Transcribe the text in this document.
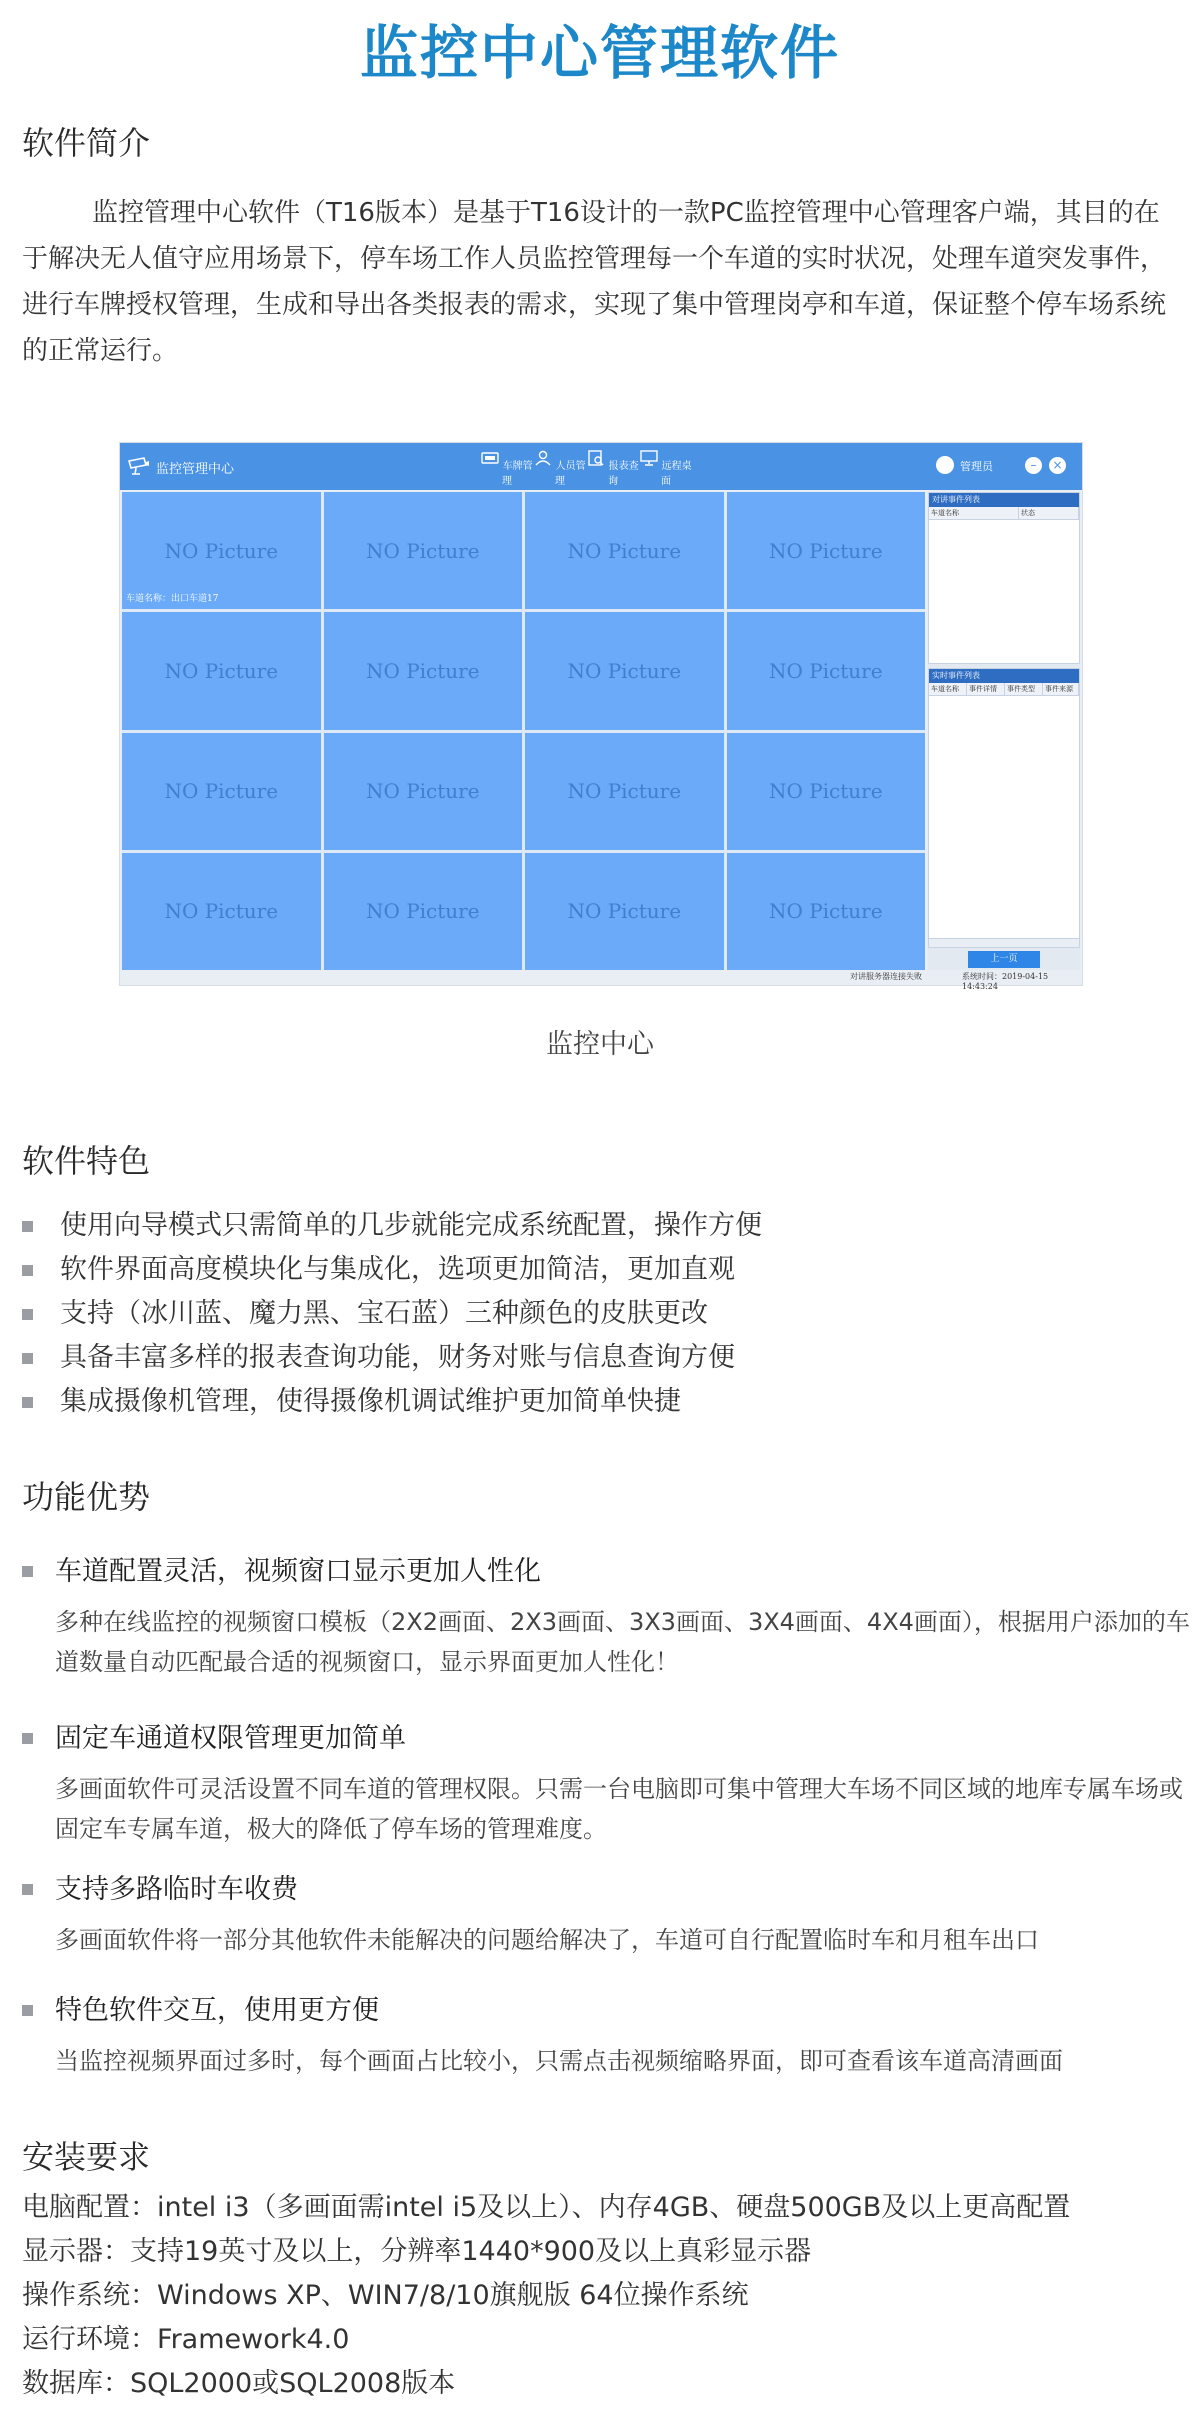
监控中心管理软件
软件简介
监控管理中心软件（T16版本）是基于T16设计的一款PC监控管理中心管理客户端，其目的在于解决无人值守应用场景下，停车场工作人员监控管理每一个车道的实时状况，处理车道突发事件，进行车牌授权管理，生成和导出各类报表的需求，实现了集中管理岗亭和车道，保证整个停车场系统的正常运行。
监控管理中心	车牌管理
人员管理
报表查询
远程桌面
管理员	–	×
NO Picture
车道名称：出口车道17
NO Picture	NO Picture	NO Picture
NO Picture	NO Picture	NO Picture	NO Picture
NO Picture	NO Picture	NO Picture	NO Picture
NO Picture	NO Picture	NO Picture	NO Picture
对讲事件列表
车道名称	状态
实时事件列表
车道名称	事件详情	事件类型	事件来源
上一页
对讲服务器连接失败	系统时间：2019-04-15 14:43:24
监控中心
软件特色
使用向导模式只需简单的几步就能完成系统配置，操作方便
软件界面高度模块化与集成化，选项更加简洁，更加直观
支持（冰川蓝、魔力黑、宝石蓝）三种颜色的皮肤更改
具备丰富多样的报表查询功能，财务对账与信息查询方便
集成摄像机管理，使得摄像机调试维护更加简单快捷
功能优势
车道配置灵活，视频窗口显示更加人性化
多种在线监控的视频窗口模板（2X2画面、2X3画面、3X3画面、3X4画面、4X4画面），根据用户添加的车道数量自动匹配最合适的视频窗口，显示界面更加人性化！
固定车通道权限管理更加简单
多画面软件可灵活设置不同车道的管理权限。只需一台电脑即可集中管理大车场不同区域的地库专属车场或固定车专属车道，极大的降低了停车场的管理难度。
支持多路临时车收费
多画面软件将一部分其他软件未能解决的问题给解决了，车道可自行配置临时车和月租车出口
特色软件交互，使用更方便
当监控视频界面过多时，每个画面占比较小，只需点击视频缩略界面，即可查看该车道高清画面
安装要求
电脑配置：intel i3（多画面需intel i5及以上）、内存4GB、硬盘500GB及以上更高配置
显示器：支持19英寸及以上，分辨率1440*900及以上真彩显示器
操作系统：Windows XP、WIN7/8/10旗舰版 64位操作系统
运行环境：Framework4.0
数据库：SQL2000或SQL2008版本
